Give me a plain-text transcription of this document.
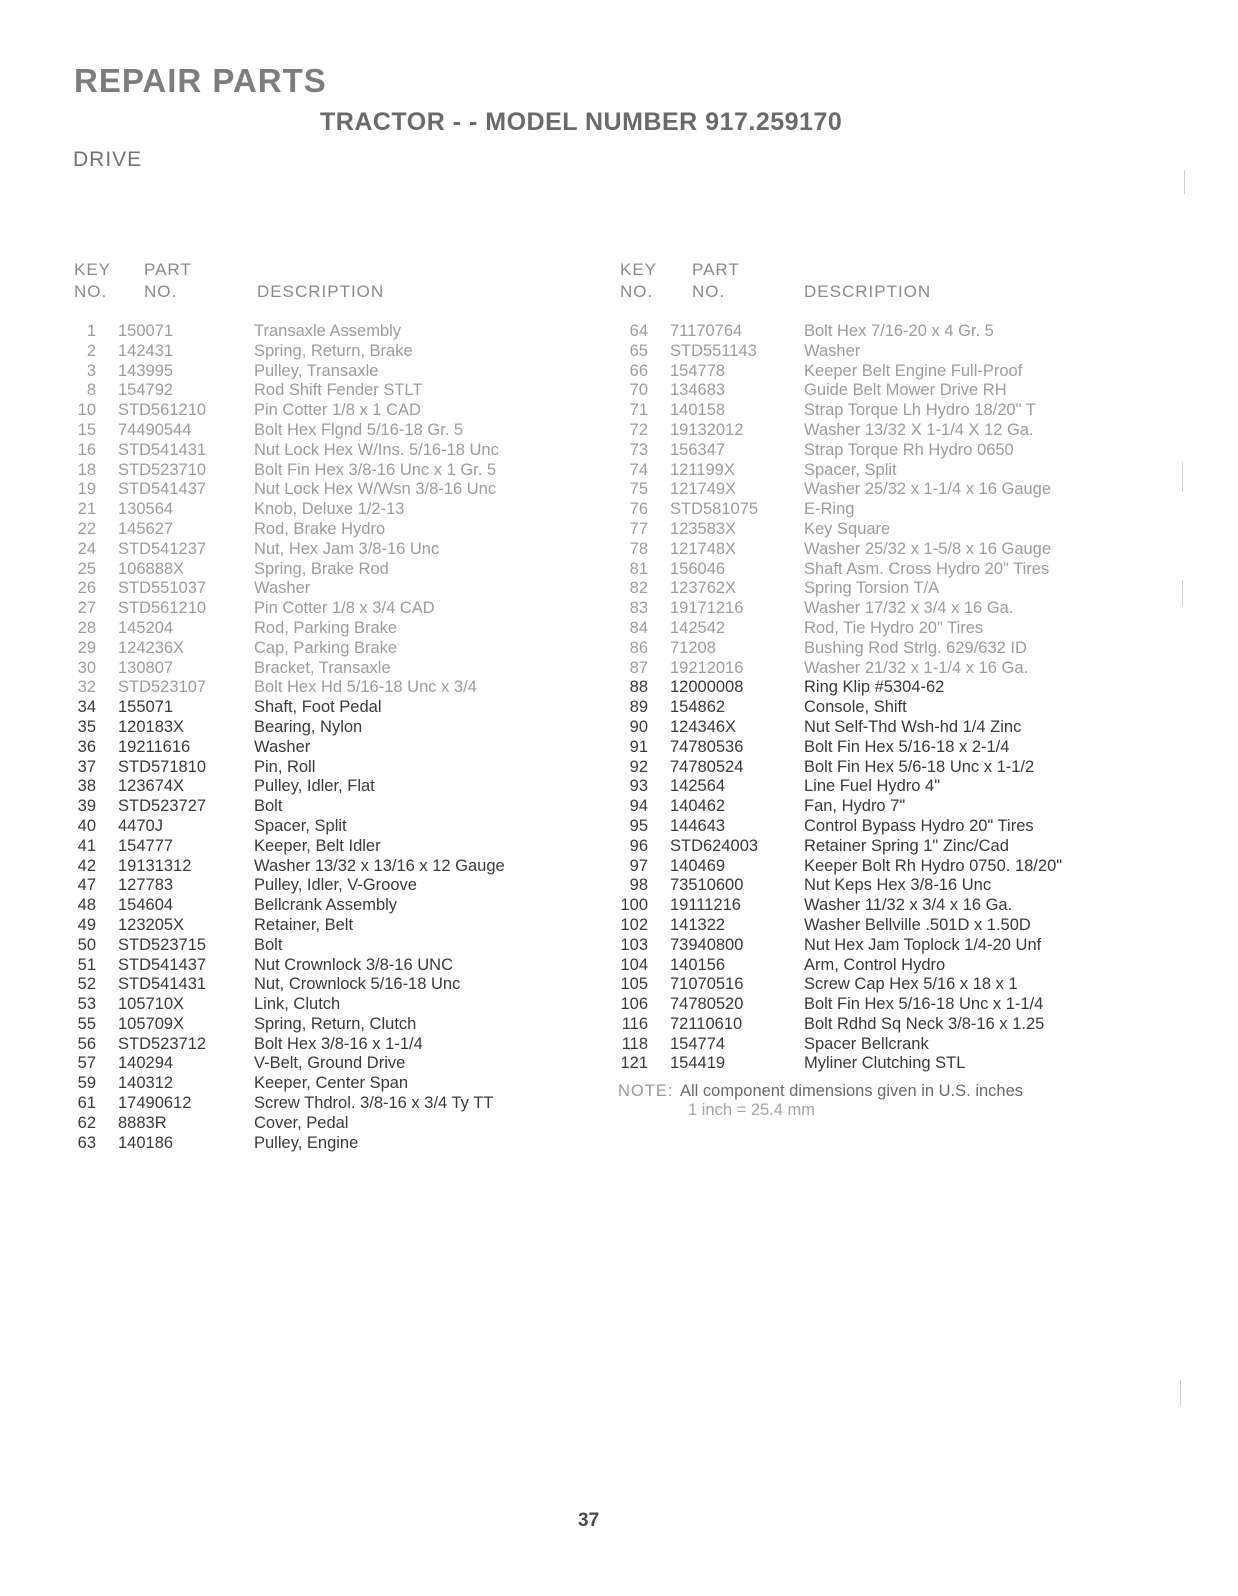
REPAIR PARTS
TRACTOR - - MODEL NUMBER 917.259170
DRIVE
KEY
NO.
PART
NO.	DESCRIPTION
1 150071	Transaxle Assembly
2 142431	Spring, Return, Brake
3 143995	Pulley, Transaxle
8 154792	Rod Shift Fender STLT
10 STD561210	Pin Cotter 1/8 x 1 CAD
15 74490544	Bolt Hex Flgnd 5/16-18 Gr. 5
16 STD541431	Nut Lock Hex W/Ins. 5/16-18 Unc
18 STD523710	Bolt Fin Hex 3/8-16 Unc x 1 Gr. 5
19 STD541437	Nut Lock Hex W/Wsn 3/8-16 Unc
21 130564	Knob, Deluxe 1/2-13
22 145627	Rod, Brake Hydro
24 STD541237	Nut, Hex Jam 3/8-16 Unc
25 106888X	Spring, Brake Rod
26 STD551037	Washer
27 STD561210	Pin Cotter 1/8 x 3/4 CAD
28 145204	Rod, Parking Brake
29 124236X	Cap, Parking Brake
30 130807	Bracket, Transaxle
32 STD523107	Bolt Hex Hd 5/16-18 Unc x 3/4
34 155071	Shaft, Foot Pedal
35 120183X	Bearing, Nylon
36 19211616	Washer
37 STD571810	Pin, Roll
38 123674X	Pulley, Idler, Flat
39 STD523727	Bolt
40 4470J	Spacer, Split
41 154777	Keeper, Belt Idler
42 19131312	Washer 13/32 x 13/16 x 12 Gauge
47 127783	Pulley, Idler, V-Groove
48 154604	Bellcrank Assembly
49 123205X	Retainer, Belt
50 STD523715	Bolt
51 STD541437	Nut Crownlock 3/8-16 UNC
52 STD541431	Nut, Crownlock 5/16-18 Unc
53 105710X	Link, Clutch
55 105709X	Spring, Return, Clutch
56 STD523712	Bolt Hex 3/8-16 x 1-1/4
57 140294	V-Belt, Ground Drive
59 140312	Keeper, Center Span
61 17490612	Screw Thdrol. 3/8-16 x 3/4 Ty TT
62 8883R	Cover, Pedal
63 140186	Pulley, Engine
KEY
NO.
PART
NO.	DESCRIPTION
64 71170764	Bolt Hex 7/16-20 x 4 Gr. 5
65 STD551143	Washer
66 154778	Keeper Belt Engine Full-Proof
70 134683	Guide Belt Mower Drive RH
71 140158	Strap Torque Lh Hydro 18/20" T
72 19132012	Washer 13/32 X 1-1/4 X 12 Ga.
73 156347	Strap Torque Rh Hydro 0650
74 121199X	Spacer, Split
75 121749X	Washer 25/32 x 1-1/4 x 16 Gauge
76 STD581075	E-Ring
77 123583X	Key Square
78 121748X	Washer 25/32 x 1-5/8 x 16 Gauge
81 156046	Shaft Asm. Cross Hydro 20" Tires
82 123762X	Spring Torsion T/A
83 19171216	Washer 17/32 x 3/4 x 16 Ga.
84 142542	Rod, Tie Hydro 20" Tires
86 71208	Bushing Rod Strlg. 629/632 ID
87 19212016	Washer 21/32 x 1-1/4 x 16 Ga.
88 12000008	Ring Klip #5304-62
89 154862	Console, Shift
90 124346X	Nut Self-Thd Wsh-hd 1/4 Zinc
91 74780536	Bolt Fin Hex 5/16-18 x 2-1/4
92 74780524	Bolt Fin Hex 5/6-18 Unc x 1-1/2
93 142564	Line Fuel Hydro 4"
94 140462	Fan, Hydro 7"
95 144643	Control Bypass Hydro 20" Tires
96 STD624003	Retainer Spring 1" Zinc/Cad
97 140469	Keeper Bolt Rh Hydro 0750. 18/20"
98 73510600	Nut Keps Hex 3/8-16 Unc
100 19111216	Washer 11/32 x 3/4 x 16 Ga.
102 141322	Washer Bellville .501D x 1.50D
103 73940800	Nut Hex Jam Toplock 1/4-20 Unf
104 140156	Arm, Control Hydro
105 71070516	Screw Cap Hex 5/16 x 18 x 1
106 74780520	Bolt Fin Hex 5/16-18 Unc x 1-1/4
116 72110610	Bolt Rdhd Sq Neck 3/8-16 x 1.25
118 154774	Spacer Bellcrank
121 154419	Myliner Clutching STL
NOTE: All component dimensions given in U.S. inches
1 inch = 25.4 mm
37
